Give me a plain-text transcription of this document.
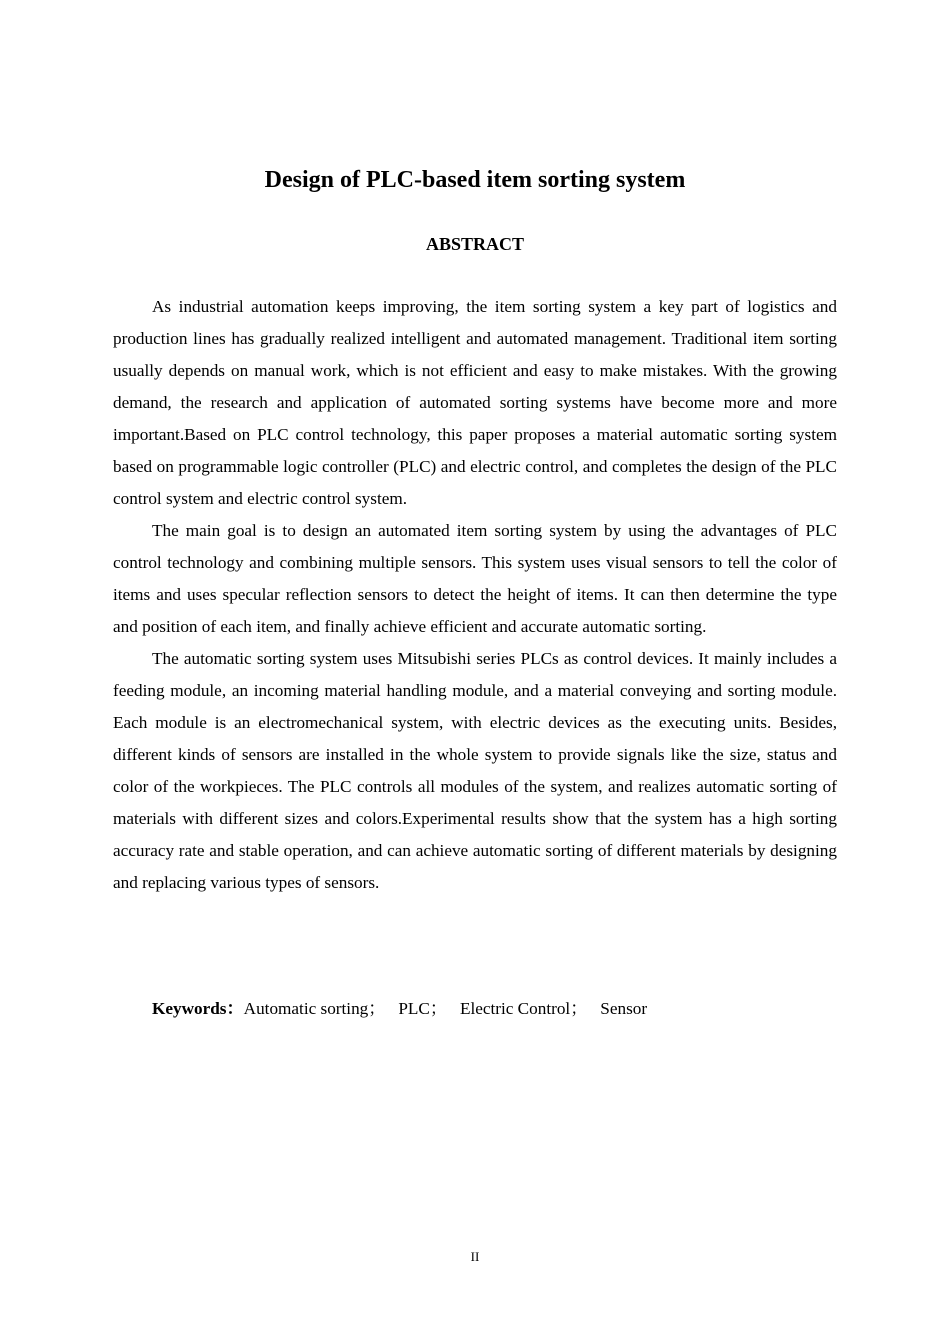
Design of PLC-based item sorting system
ABSTRACT

As industrial automation keeps improving, the item sorting system a key part of logistics and production lines has gradually realized intelligent and automated management. Traditional item sorting usually depends on manual work, which is not efficient and easy to make mistakes. With the growing demand, the research and application of automated sorting systems have become more and more important.Based on PLC control technology, this paper proposes a material automatic sorting system based on programmable logic controller (PLC) and electric control, and completes the design of the PLC control system and electric control system.

The main goal is to design an automated item sorting system by using the advantages of PLC control technology and combining multiple sensors. This system uses visual sensors to tell the color of items and uses specular reflection sensors to detect the height of items. It can then determine the type and position of each item, and finally achieve efficient and accurate automatic sorting.

The automatic sorting system uses Mitsubishi series PLCs as control devices. It mainly includes a feeding module, an incoming material handling module, and a material conveying and sorting module. Each module is an electromechanical system, with electric devices as the executing units. Besides, different kinds of sensors are installed in the whole system to provide signals like the size, status and color of the workpieces. The PLC controls all modules of the system, and realizes automatic sorting of materials with different sizes and colors.Experimental results show that the system has a high sorting accuracy rate and stable operation, and can achieve automatic sorting of different materials by designing and replacing various types of sensors.

Keywords：Automatic sorting； PLC； Electric Control； Sensor
II
